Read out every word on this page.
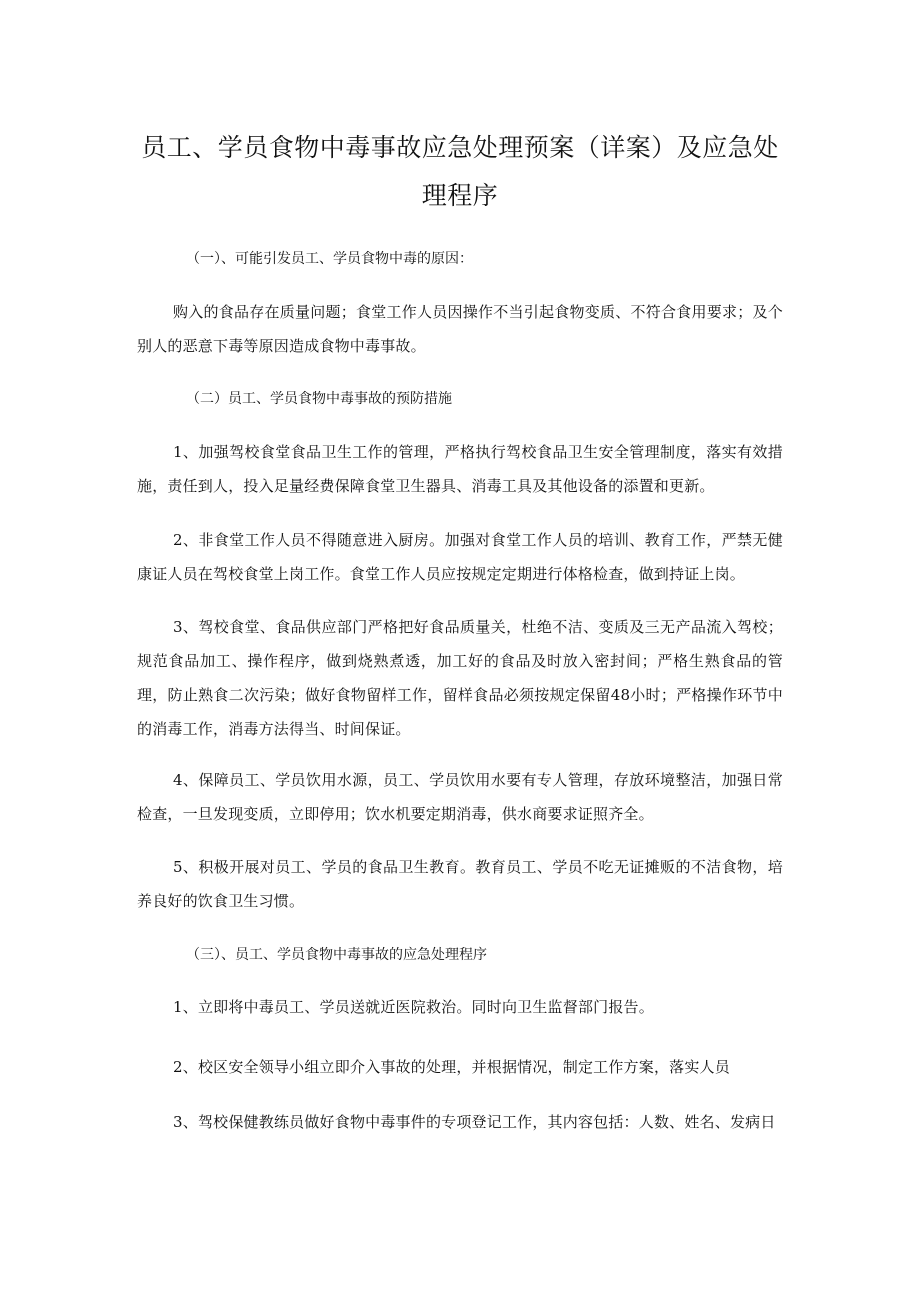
员工、学员食物中毒事故应急处理预案（详案）及应急处理程序

（一）、可能引发员工、学员食物中毒的原因：

购入的食品存在质量问题；食堂工作人员因操作不当引起食物变质、不符合食用要求；及个别人的恶意下毒等原因造成食物中毒事故。

（二）员工、学员食物中毒事故的预防措施

1、加强驾校食堂食品卫生工作的管理，严格执行驾校食品卫生安全管理制度，落实有效措施，责任到人，投入足量经费保障食堂卫生器具、消毒工具及其他设备的添置和更新。

2、非食堂工作人员不得随意进入厨房。加强对食堂工作人员的培训、教育工作，严禁无健康证人员在驾校食堂上岗工作。食堂工作人员应按规定定期进行体格检查，做到持证上岗。

3、驾校食堂、食品供应部门严格把好食品质量关，杜绝不洁、变质及三无产品流入驾校；规范食品加工、操作程序，做到烧熟煮透，加工好的食品及时放入密封间；严格生熟食品的管理，防止熟食二次污染；做好食物留样工作，留样食品必须按规定保留48小时；严格操作环节中的消毒工作，消毒方法得当、时间保证。

4、保障员工、学员饮用水源，员工、学员饮用水要有专人管理，存放环境整洁，加强日常检查，一旦发现变质，立即停用；饮水机要定期消毒，供水商要求证照齐全。

5、积极开展对员工、学员的食品卫生教育。教育员工、学员不吃无证摊贩的不洁食物，培养良好的饮食卫生习惯。

（三）、员工、学员食物中毒事故的应急处理程序

1、立即将中毒员工、学员送就近医院救治。同时向卫生监督部门报告。

2、校区安全领导小组立即介入事故的处理，并根据情况，制定工作方案，落实人员

3、驾校保健教练员做好食物中毒事件的专项登记工作，其内容包括：人数、姓名、发病日
